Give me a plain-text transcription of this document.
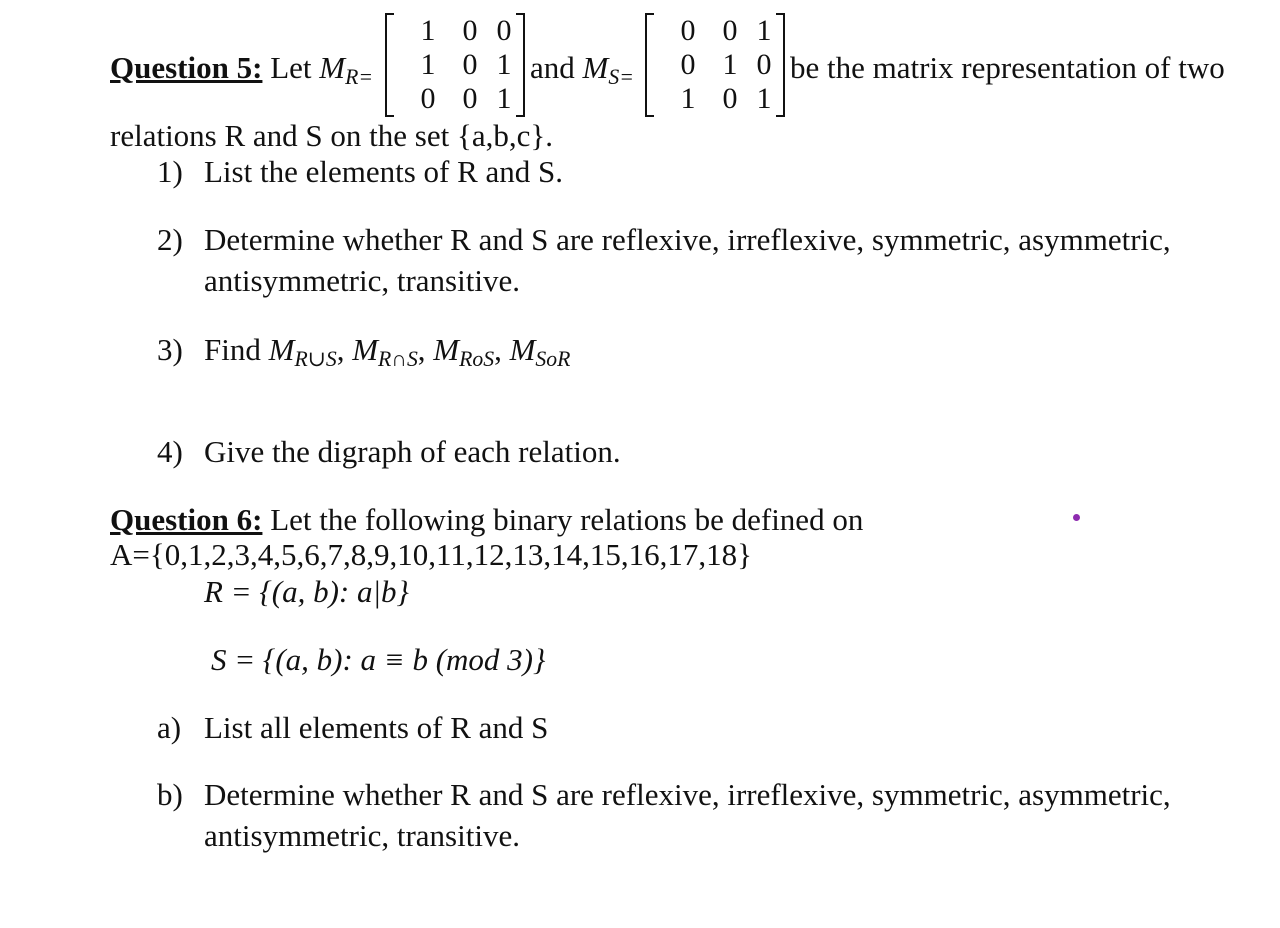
Question 5: Let MR=
1 0 0
1 0 1
0 0 1
and MS=
0 0 1
0 1 0
1 0 1
be the matrix representation of two
relations R and S on the set {a,b,c}.
1) List the elements of R and S.
2) Determine whether R and S are reflexive, irreflexive, symmetric, asymmetric,
antisymmetric, transitive.
3) Find MR∪S, MR∩S, MRoS, MSoR
4) Give the digraph of each relation.
Question 6: Let the following binary relations be defined on
A={0,1,2,3,4,5,6,7,8,9,10,11,12,13,14,15,16,17,18}
R = {(a, b): a|b}
S = {(a, b): a ≡ b (mod 3)}
a) List all elements of R and S
b) Determine whether R and S are reflexive, irreflexive, symmetric, asymmetric,
antisymmetric, transitive.
